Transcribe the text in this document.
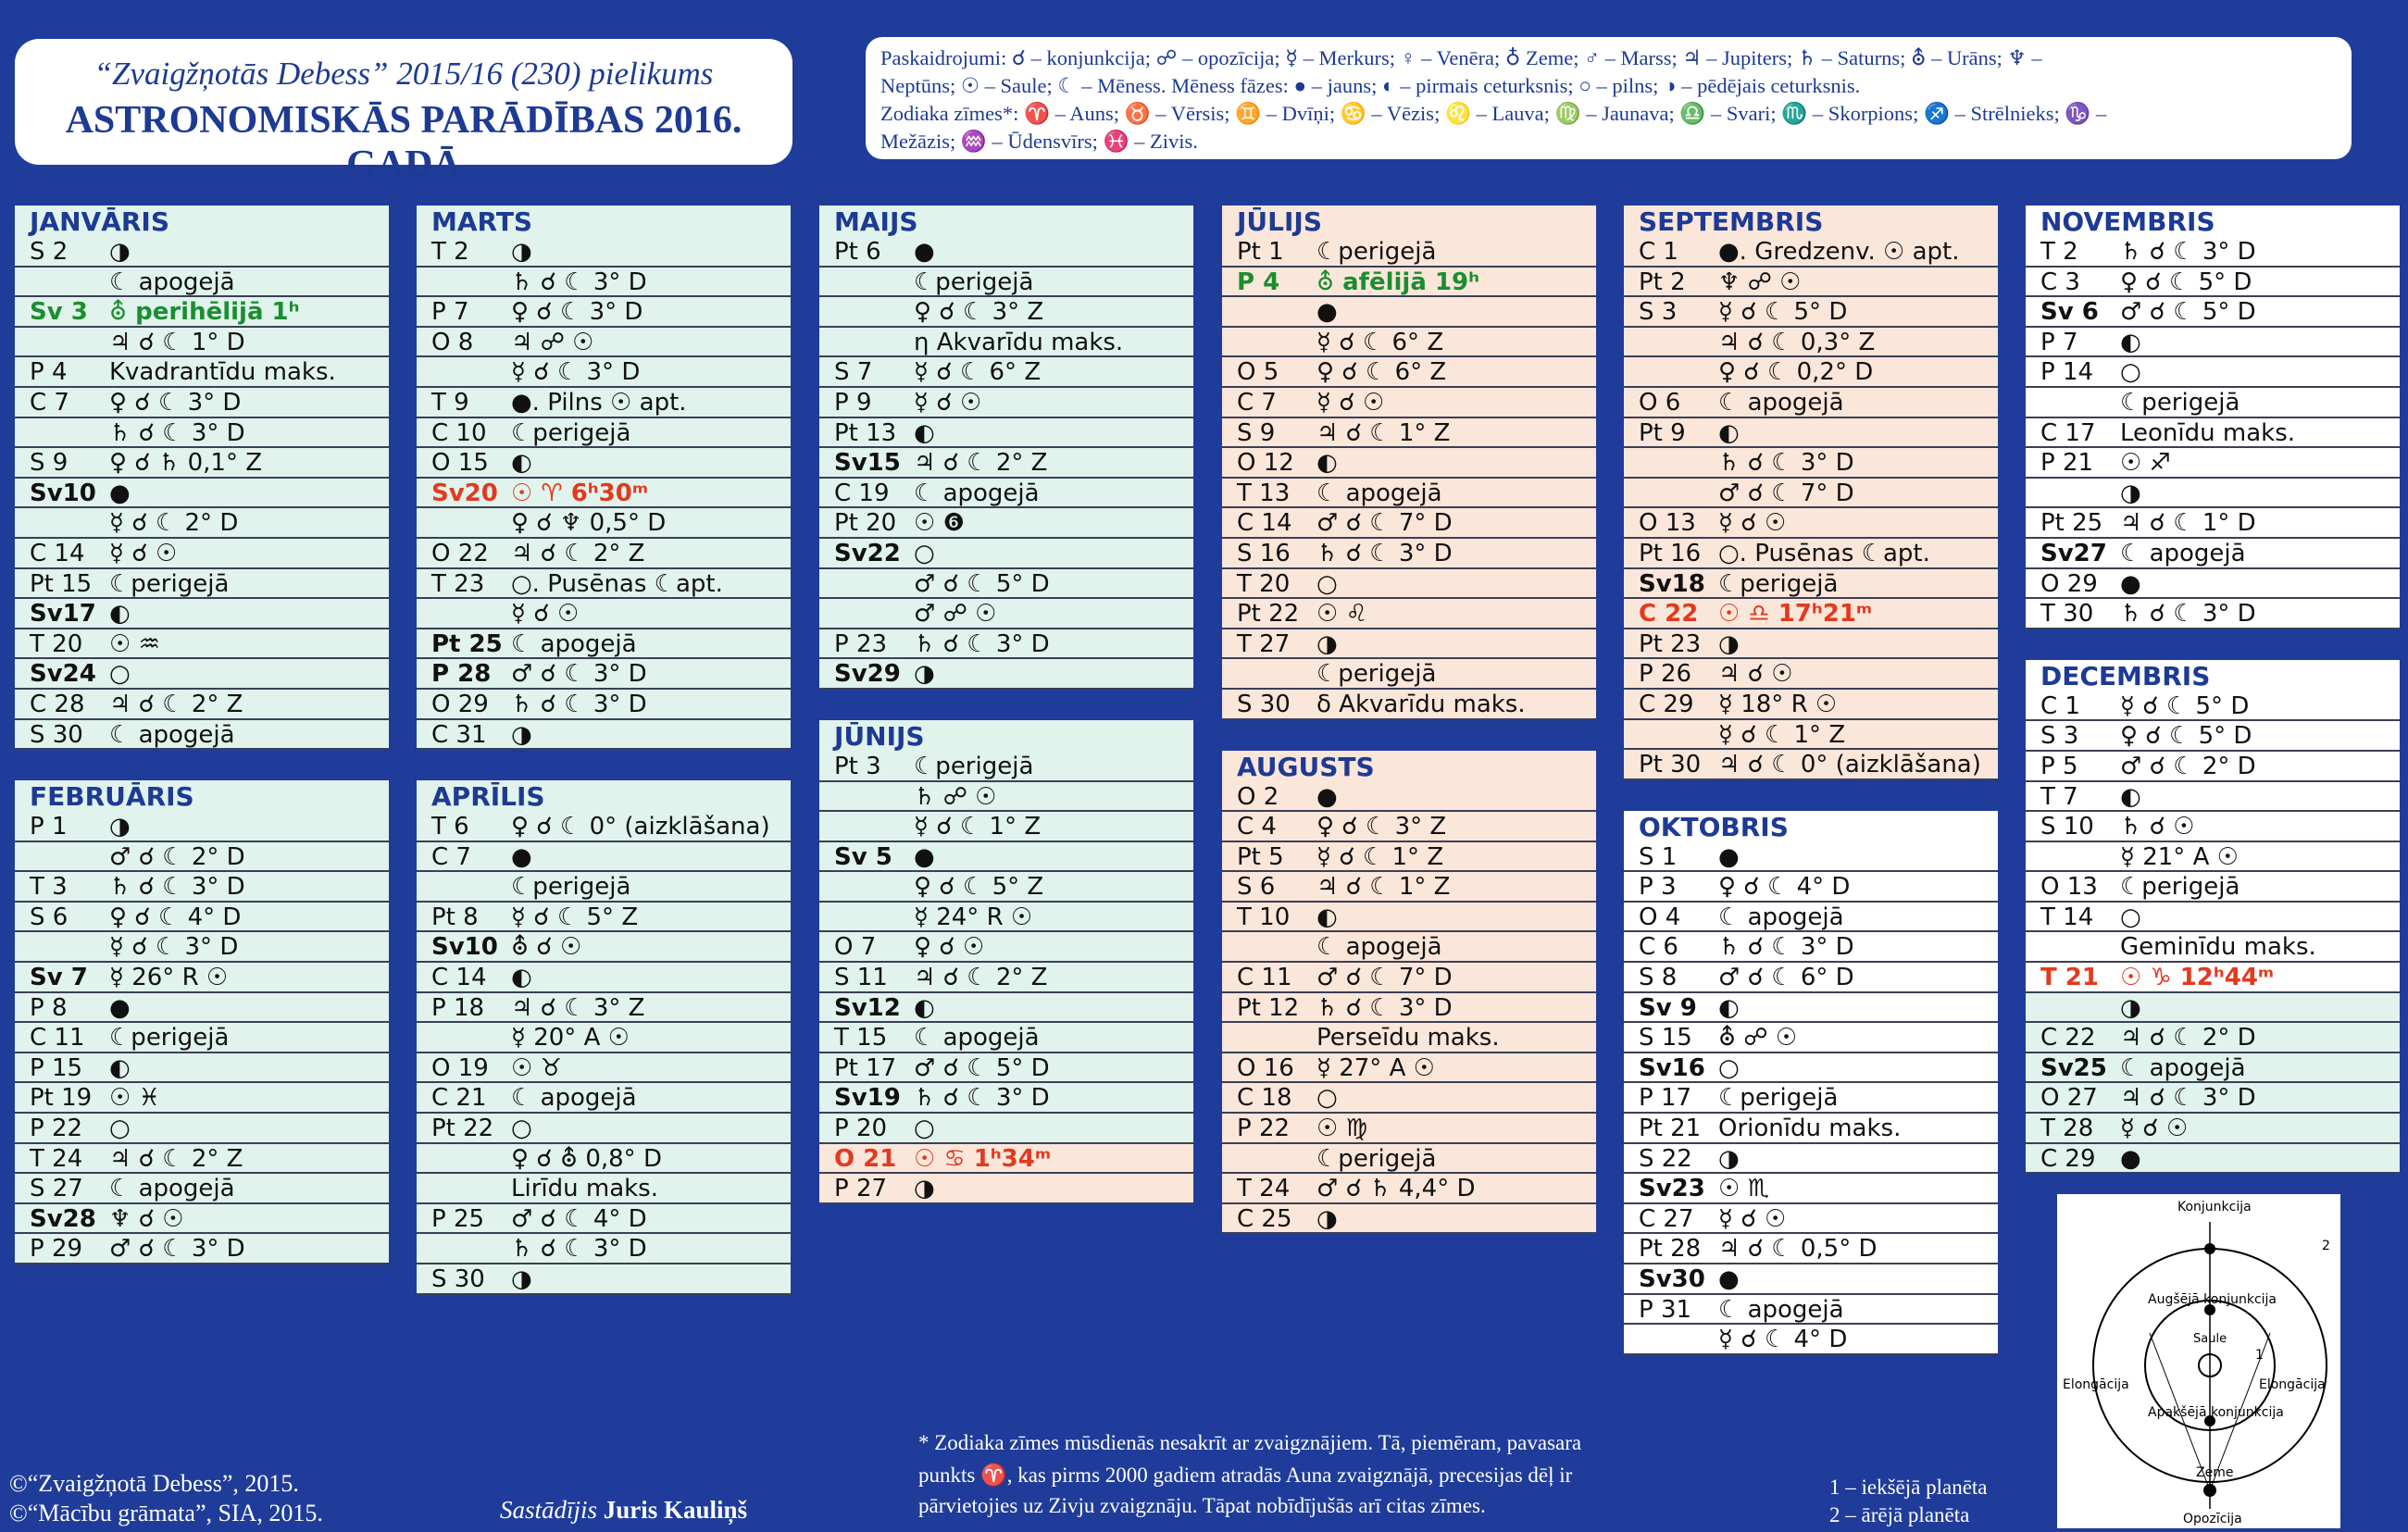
“Zvaigžņotās Debess” 2015/16 (230) pielikums
ASTRONOMISKĀS PARĀDĪBAS 2016. GADĀ
Paskaidrojumi: ☌ – konjunkcija; ☍ – opozīcija; ☿ – Merkurs; ♀ – Venēra; ♁ Zeme; ♂ – Marss; ♃ – Jupiters; ♄ – Saturns; ⛢ – Urāns; ♆ –
Neptūns; ☉ – Saule; ☾ – Mēness. Mēness fāzes: ● – jauns; ◐ – pirmais ceturksnis; ○ – pilns; ◑ – pēdējais ceturksnis.
Zodiaka zīmes*: ♈ – Auns; ♉ – Vērsis; ♊ – Dvīņi; ♋ – Vēzis; ♌ – Lauva; ♍ – Jaunava; ♎ – Svari; ♏ – Skorpions; ♐ – Strēlnieks; ♑ –
Mežāzis; ♒ – Ūdensvīrs; ♓ – Zivis.
JANVĀRIS
S 2	◑
☾ apogejā
Sv 3 ⛢ perihēlijā 1ʰ
♃ ☌ ☾ 1° D
P 4	Kvadrantīdu maks.
C 7	♀ ☌ ☾ 3° D
♄ ☌ ☾ 3° D
S 9	♀ ☌ ♄ 0,1° Z
Sv10 ●
☿ ☌ ☾ 2° D
C 14	☿ ☌ ☉
Pt 15 ☾perigejā
Sv17 ◐
T 20	☉ ♒
Sv24 ○
C 28	♃ ☌ ☾ 2° Z
S 30	☾ apogejā
FEBRUĀRIS
P 1	◑
♂ ☌ ☾ 2° D
T 3	♄ ☌ ☾ 3° D
S 6	♀ ☌ ☾ 4° D
☿ ☌ ☾ 3° D
Sv 7 ☿ 26° R ☉
P 8	●
C 11	☾perigejā
P 15	◐
Pt 19 ☉ ♓
P 22	○
T 24	♃ ☌ ☾ 2° Z
S 27	☾ apogejā
Sv28 ♆ ☌ ☉
P 29	♂ ☌ ☾ 3° D
MARTS
T 2	◑
♄ ☌ ☾ 3° D
P 7	♀ ☌ ☾ 3° D
O 8	♃ ☍ ☉
☿ ☌ ☾ 3° D
T 9	●. Pilns ☉ apt.
C 10	☾perigejā
O 15 ◐
Sv20 ☉ ♈ 6ʰ30ᵐ
♀ ☌ ♆ 0,5° D
O 22 ♃ ☌ ☾ 2° Z
T 23	○. Pusēnas ☾apt.
☿ ☌ ☉
Pt 25 ☾ apogejā
P 28 ♂ ☌ ☾ 3° D
O 29 ♄ ☌ ☾ 3° D
C 31	◑
APRĪLIS
T 6	♀ ☌ ☾ 0° (aizklāšana)
C 7	●
☾perigejā
Pt 8	☿ ☌ ☾ 5° Z
Sv10 ⛢ ☌ ☉
C 14	◐
P 18	♃ ☌ ☾ 3° Z
☿ 20° A ☉
O 19 ☉ ♉
C 21	☾ apogejā
Pt 22 ○
♀ ☌ ⛢ 0,8° D
Lirīdu maks.
P 25	♂ ☌ ☾ 4° D
♄ ☌ ☾ 3° D
S 30	◑
MAIJS
Pt 6	●
☾perigejā
♀ ☌ ☾ 3° Z
η Akvarīdu maks.
S 7	☿ ☌ ☾ 6° Z
P 9	☿ ☌ ☉
Pt 13 ◐
Sv15 ♃ ☌ ☾ 2° Z
C 19	☾ apogejā
Pt 20 ☉ ❻
Sv22 ○
♂ ☌ ☾ 5° D
♂ ☍ ☉
P 23	♄ ☌ ☾ 3° D
Sv29 ◑
JŪNIJS
Pt 3	☾perigejā
♄ ☍ ☉
☿ ☌ ☾ 1° Z
Sv 5 ●
♀ ☌ ☾ 5° Z
☿ 24° R ☉
O 7	♀ ☌ ☉
S 11	♃ ☌ ☾ 2° Z
Sv12 ◐
T 15	☾ apogejā
Pt 17 ♂ ☌ ☾ 5° D
Sv19 ♄ ☌ ☾ 3° D
P 20	○
O 21 ☉ ♋ 1ʰ34ᵐ
P 27	◑
JŪLIJS
Pt 1	☾perigejā
P 4	⛢ afēlijā 19ʰ
●
☿ ☌ ☾ 6° Z
O 5	♀ ☌ ☾ 6° Z
C 7	☿ ☌ ☉
S 9	♃ ☌ ☾ 1° Z
O 12 ◐
T 13	☾ apogejā
C 14	♂ ☌ ☾ 7° D
S 16	♄ ☌ ☾ 3° D
T 20	○
Pt 22 ☉ ♌
T 27	◑
☾perigejā
S 30	δ Akvarīdu maks.
AUGUSTS
O 2	●
C 4	♀ ☌ ☾ 3° Z
Pt 5	☿ ☌ ☾ 1° Z
S 6	♃ ☌ ☾ 1° Z
T 10	◐
☾ apogejā
C 11	♂ ☌ ☾ 7° D
Pt 12 ♄ ☌ ☾ 3° D
Perseīdu maks.
O 16 ☿ 27° A ☉
C 18	○
P 22	☉ ♍
☾perigejā
T 24	♂ ☌ ♄ 4,4° D
C 25	◑
SEPTEMBRIS
C 1	●. Gredzenv. ☉ apt.
Pt 2	♆ ☍ ☉
S 3	☿ ☌ ☾ 5° D
♃ ☌ ☾ 0,3° Z
♀ ☌ ☾ 0,2° D
O 6	☾ apogejā
Pt 9	◐
♄ ☌ ☾ 3° D
♂ ☌ ☾ 7° D
O 13 ☿ ☌ ☉
Pt 16 ○. Pusēnas ☾apt.
Sv18 ☾perigejā
C 22 ☉ ♎ 17ʰ21ᵐ
Pt 23 ◑
P 26	♃ ☌ ☉
C 29	☿ 18° R ☉
☿ ☌ ☾ 1° Z
Pt 30 ♃ ☌ ☾ 0° (aizklāšana)
OKTOBRIS
S 1	●
P 3	♀ ☌ ☾ 4° D
O 4	☾ apogejā
C 6	♄ ☌ ☾ 3° D
S 8	♂ ☌ ☾ 6° D
Sv 9 ◐
S 15	⛢ ☍ ☉
Sv16 ○
P 17	☾perigejā
Pt 21 Orionīdu maks.
S 22	◑
Sv23 ☉ ♏
C 27	☿ ☌ ☉
Pt 28 ♃ ☌ ☾ 0,5° D
Sv30 ●
P 31	☾ apogejā
☿ ☌ ☾ 4° D
NOVEMBRIS
T 2	♄ ☌ ☾ 3° D
C 3	♀ ☌ ☾ 5° D
Sv 6 ♂ ☌ ☾ 5° D
P 7	◐
P 14	○
☾perigejā
C 17	Leonīdu maks.
P 21	☉ ♐
◑
Pt 25 ♃ ☌ ☾ 1° D
Sv27 ☾ apogejā
O 29 ●
T 30	♄ ☌ ☾ 3° D
DECEMBRIS
C 1	☿ ☌ ☾ 5° D
S 3	♀ ☌ ☾ 5° D
P 5	♂ ☌ ☾ 2° D
T 7	◐
S 10	♄ ☌ ☉
☿ 21° A ☉
O 13 ☾perigejā
T 14	○
Geminīdu maks.
T 21 ☉ ♑ 12ʰ44ᵐ
◑
C 22	♃ ☌ ☾ 2° D
Sv25 ☾ apogejā
O 27 ♃ ☌ ☾ 3° D
T 28	☿ ☌ ☉
C 29	●
Konjunkcija
Augšējā konjunkcija
Saule
Elongācija	Elongācija
Apakšējā konjunkcija
Zeme
Opozīcija
1
2
©“Zvaigžņotā Debess”, 2015.
©“Mācību grāmata”, SIA, 2015.	Sastādījis Juris Kauliņš
* Zodiaka zīmes mūsdienās nesakrīt ar zvaigznājiem. Tā, piemēram, pavasara
punkts ♈, kas pirms 2000 gadiem atradās Auna zvaigznājā, precesijas dēļ ir
pārvietojies uz Zivju zvaigznāju. Tāpat nobīdījušās arī citas zīmes.
1 – iekšējā planēta
2 – ārējā planēta
